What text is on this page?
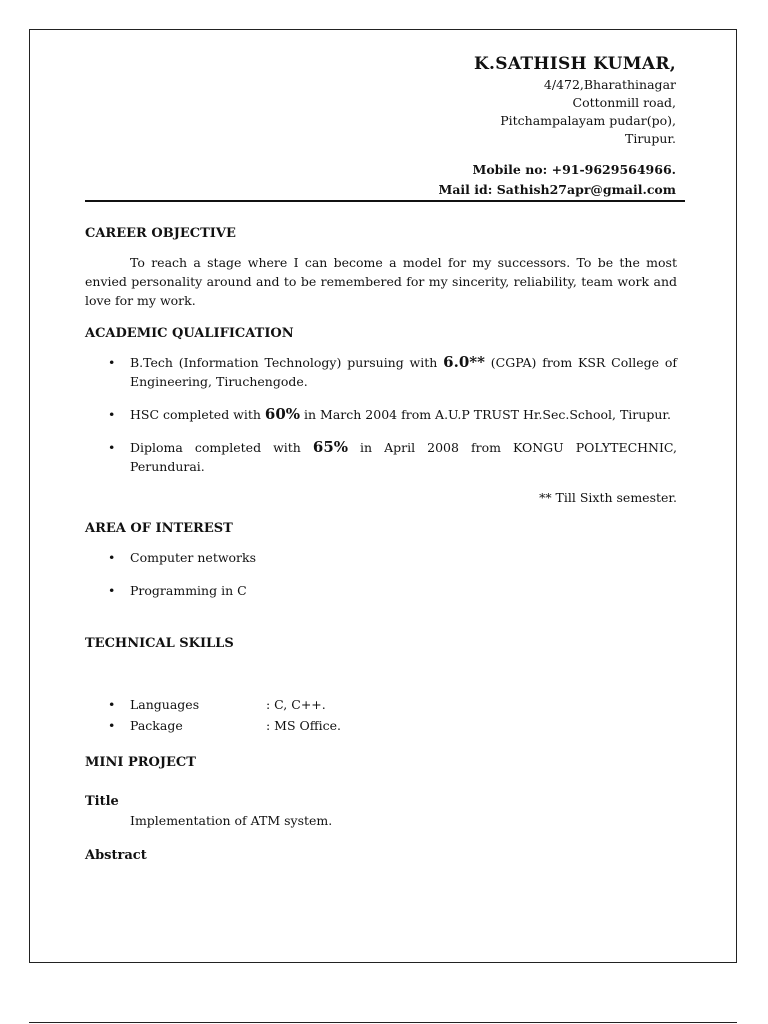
K.SATHISH KUMAR,
4/472,Bharathinagar
Cottonmill road,
Pitchampalayam pudar(po),
Tirupur.
Mobile no: +91-9629564966.
Mail id: Sathish27apr@gmail.com
CAREER OBJECTIVE

To reach a stage where I can become a model for my successors. To be the most envied personality around and to be remembered for my sincerity, reliability, team work and love for my work.

ACADEMIC QUALIFICATION
• B.Tech (Information Technology) pursuing with 6.0** (CGPA) from KSR College of Engineering, Tiruchengode.
• HSC completed with 60% in March 2004 from A.U.P TRUST Hr.Sec.School, Tirupur.
• Diploma completed with 65% in April 2008 from KONGU POLYTECHNIC, Perundurai.

** Till Sixth semester.

AREA OF INTEREST
• Computer networks
• Programming in C
TECHNICAL SKILLS
• Languages	: C, C++.
• Package	: MS Office.
MINI PROJECT
Title

Implementation of ATM system.

Abstract
